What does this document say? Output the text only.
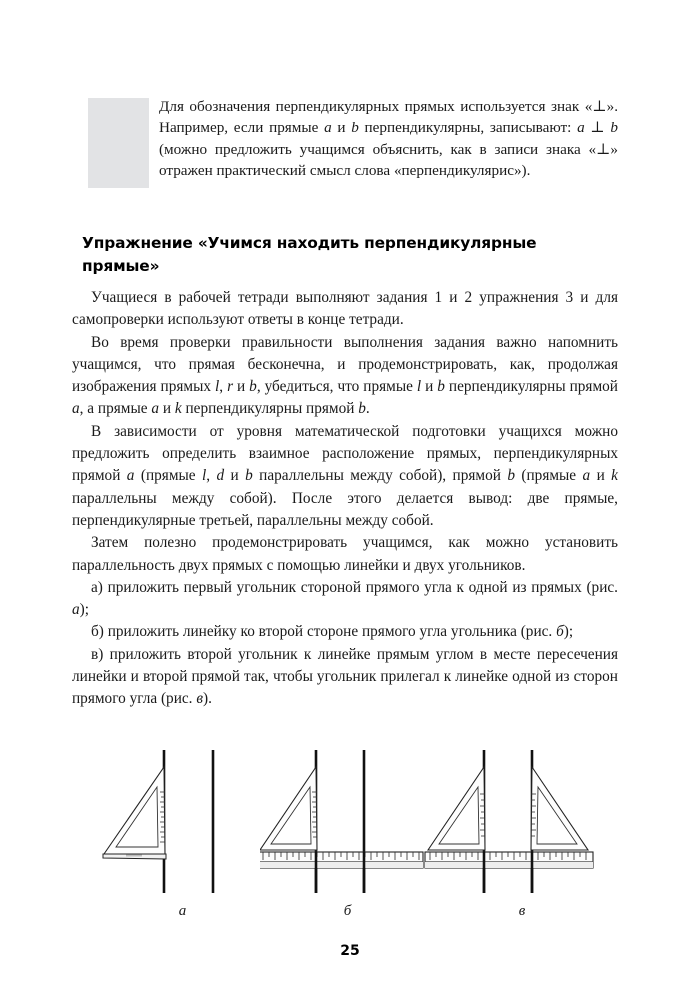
Для обозначения перпендикулярных прямых используется знак «⊥». Например, если прямые a и b перпендикулярны, записывают: a ⊥ b (можно предложить учащимся объяснить, как в записи знака «⊥» отражен практический смысл слова «перпендикулярис»).
Упражнение «Учимся находить перпендикулярные прямые»

Учащиеся в рабочей тетради выполняют задания 1 и 2 упражнения 3 и для самопроверки используют ответы в конце тетради.

Во время проверки правильности выполнения задания важно напомнить учащимся, что прямая бесконечна, и продемонстрировать, как, продолжая изображения прямых l, r и b, убедиться, что прямые l и b перпендикулярны прямой a, а прямые a и k перпендикулярны прямой b.

В зависимости от уровня математической подготовки учащихся можно предложить определить взаимное расположение прямых, перпендикулярных прямой a (прямые l, d и b параллельны между собой), прямой b (прямые a и k параллельны между собой). После этого делается вывод: две прямые, перпендикулярные третьей, параллельны между собой.

Затем полезно продемонстрировать учащимся, как можно установить параллельность двух прямых с помощью линейки и двух угольников.

а) приложить первый угольник стороной прямого угла к одной из прямых (рис. а);

б) приложить линейку ко второй стороне прямого угла угольника (рис. б);

в) приложить второй угольник к линейке прямым углом в месте пересечения линейки и второй прямой так, чтобы угольник прилегал к линейке одной из сторон прямого угла (рис. в).

а	б	в
25
